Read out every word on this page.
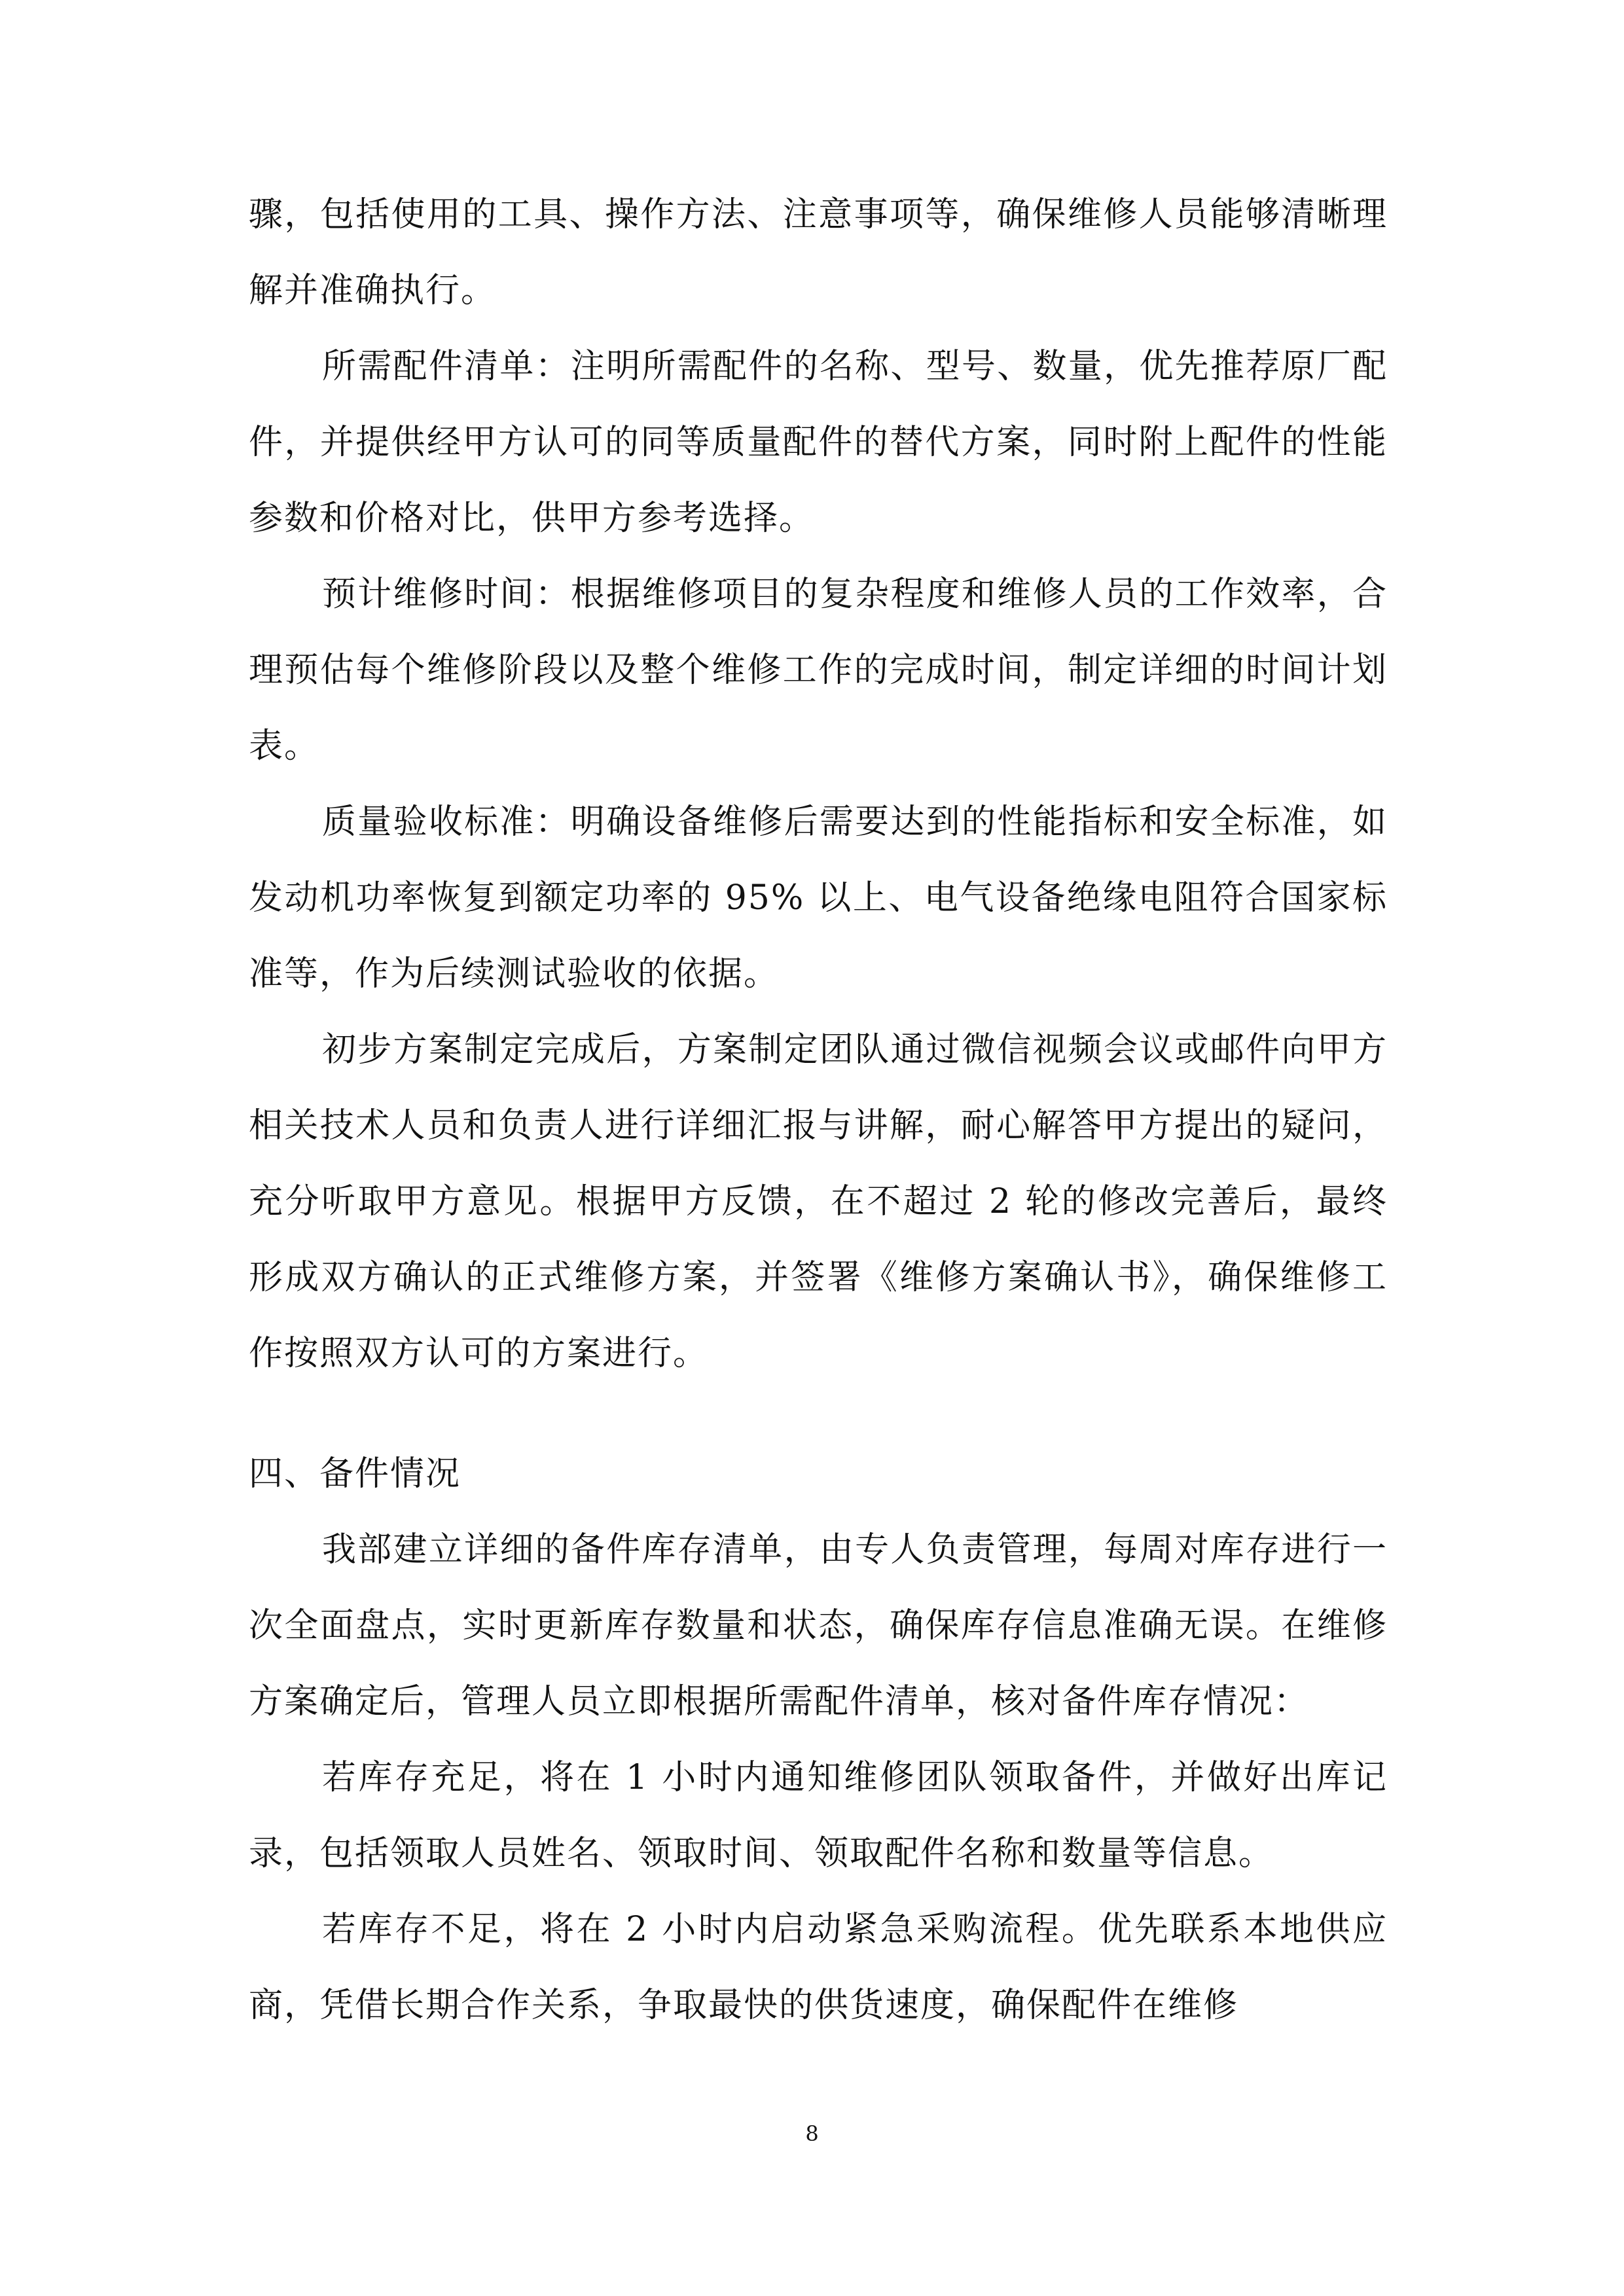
骤，包括使用的工具、操作方法、注意事项等，确保维修人员能够清晰理解并准确执行。

所需配件清单：注明所需配件的名称、型号、数量，优先推荐原厂配件，并提供经甲方认可的同等质量配件的替代方案，同时附上配件的性能参数和价格对比，供甲方参考选择。

预计维修时间：根据维修项目的复杂程度和维修人员的工作效率，合理预估每个维修阶段以及整个维修工作的完成时间，制定详细的时间计划表。

质量验收标准：明确设备维修后需要达到的性能指标和安全标准，如发动机功率恢复到额定功率的 95% 以上、电气设备绝缘电阻符合国家标准等，作为后续测试验收的依据。

初步方案制定完成后，方案制定团队通过微信视频会议或邮件向甲方相关技术人员和负责人进行详细汇报与讲解，耐心解答甲方提出的疑问，充分听取甲方意见。根据甲方反馈，在不超过 2 轮的修改完善后，最终形成双方确认的正式维修方案，并签署《维修方案确认书》，确保维修工作按照双方认可的方案进行。

四、备件情况

我部建立详细的备件库存清单，由专人负责管理，每周对库存进行一次全面盘点，实时更新库存数量和状态，确保库存信息准确无误。在维修方案确定后，管理人员立即根据所需配件清单，核对备件库存情况：

若库存充足，将在 1 小时内通知维修团队领取备件，并做好出库记录，包括领取人员姓名、领取时间、领取配件名称和数量等信息。

若库存不足，将在 2 小时内启动紧急采购流程。优先联系本地供应商，凭借长期合作关系，争取最快的供货速度，确保配件在维修

8
